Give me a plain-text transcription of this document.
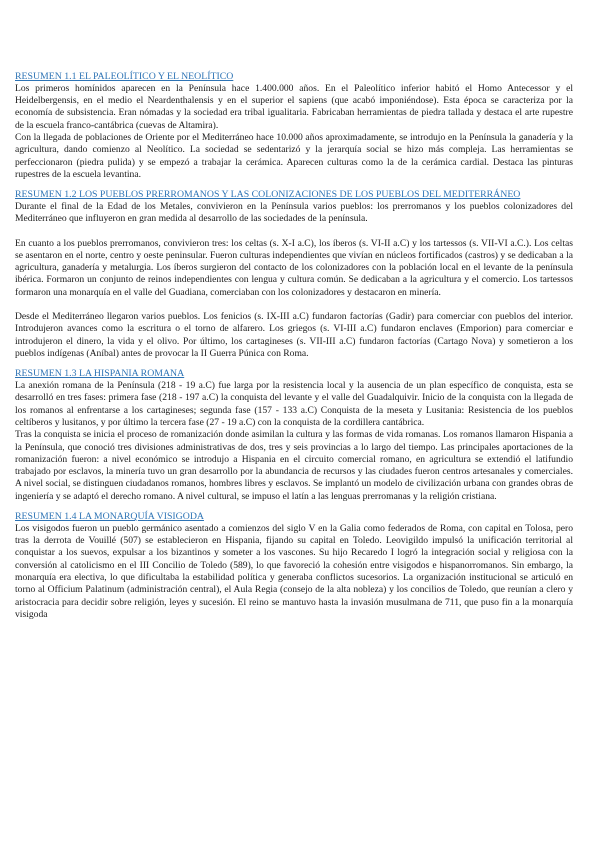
RESUMEN 1.1 EL PALEOLÍTICO Y EL NEOLÍTICO

Los primeros homínidos aparecen en la Península hace 1.400.000 años. En el Paleolítico inferior habitó el Homo Antecessor y el Heidelbergensis, en el medio el Neardenthalensis y en el superior el sapiens (que acabó imponiéndose). Esta época se caracteriza por la economía de subsistencia. Eran nómadas y la sociedad era tribal igualitaria. Fabricaban herramientas de piedra tallada y destaca el arte rupestre de la escuela franco-cantábrica (cuevas de Altamira).

Con la llegada de poblaciones de Oriente por el Mediterráneo hace 10.000 años aproximadamente, se introdujo en la Península la ganadería y la agricultura, dando comienzo al Neolítico. La sociedad se sedentarizó y la jerarquía social se hizo más compleja. Las herramientas se perfeccionaron (piedra pulida) y se empezó a trabajar la cerámica. Aparecen culturas como la de la cerámica cardial. Destaca las pinturas rupestres de la escuela levantina.

RESUMEN 1.2 LOS PUEBLOS PRERROMANOS Y LAS COLONIZACIONES DE LOS PUEBLOS DEL MEDITERRÁNEO

Durante el final de la Edad de los Metales, convivieron en la Península varios pueblos: los prerromanos y los pueblos colonizadores del Mediterráneo que influyeron en gran medida al desarrollo de las sociedades de la península.

En cuanto a los pueblos prerromanos, convivieron tres: los celtas (s. X-I a.C), los íberos (s. VI-II a.C) y los tartessos (s. VII-VI a.C.). Los celtas se asentaron en el norte, centro y oeste peninsular. Fueron culturas independientes que vivían en núcleos fortificados (castros) y se dedicaban a la agricultura, ganadería y metalurgia. Los íberos surgieron del contacto de los colonizadores con la población local en el levante de la península ibérica. Formaron un conjunto de reinos independientes con lengua y cultura común. Se dedicaban a la agricultura y el comercio. Los tartessos formaron una monarquía en el valle del Guadiana, comerciaban con los colonizadores y destacaron en minería.

Desde el Mediterráneo llegaron varios pueblos. Los fenicios (s. IX-III a.C) fundaron factorías (Gadir) para comerciar con pueblos del interior. Introdujeron avances como la escritura o el torno de alfarero. Los griegos (s. VI-III a.C) fundaron enclaves (Emporion) para comerciar e introdujeron el dinero, la vida y el olivo. Por último, los cartagineses (s. VII-III a.C) fundaron factorías (Cartago Nova) y sometieron a los pueblos indígenas (Aníbal) antes de provocar la II Guerra Púnica con Roma.

RESUMEN 1.3 LA HISPANIA ROMANA

La anexión romana de la Península (218 - 19 a.C) fue larga por la resistencia local y la ausencia de un plan específico de conquista, esta se desarrolló en tres fases: primera fase (218 - 197 a.C) la conquista del levante y el valle del Guadalquivir. Inicio de la conquista con la llegada de los romanos al enfrentarse a los cartagineses; segunda fase (157 - 133 a.C) Conquista de la meseta y Lusitania: Resistencia de los pueblos celtíberos y lusitanos, y por último la tercera fase (27 - 19 a.C) con la conquista de la cordillera cantábrica.

Tras la conquista se inicia el proceso de romanización donde asimilan la cultura y las formas de vida romanas. Los romanos llamaron Hispania a la Península, que conoció tres divisiones administrativas de dos, tres y seis provincias a lo largo del tiempo. Las principales aportaciones de la romanización fueron: a nivel económico se introdujo a Hispania en el circuito comercial romano, en agricultura se extendió el latifundio trabajado por esclavos, la minería tuvo un gran desarrollo por la abundancia de recursos y las ciudades fueron centros artesanales y comerciales. A nivel social, se distinguen ciudadanos romanos, hombres libres y esclavos. Se implantó un modelo de civilización urbana con grandes obras de ingeniería y se adaptó el derecho romano. A nivel cultural, se impuso el latín a las lenguas prerromanas y la religión cristiana.

RESUMEN 1.4 LA MONARQUÍA VISIGODA

Los visigodos fueron un pueblo germánico asentado a comienzos del siglo V en la Galia como federados de Roma, con capital en Tolosa, pero tras la derrota de Vouillé (507) se establecieron en Hispania, fijando su capital en Toledo. Leovigildo impulsó la unificación territorial al conquistar a los suevos, expulsar a los bizantinos y someter a los vascones. Su hijo Recaredo I logró la integración social y religiosa con la conversión al catolicismo en el III Concilio de Toledo (589), lo que favoreció la cohesión entre visigodos e hispanorromanos. Sin embargo, la monarquía era electiva, lo que dificultaba la estabilidad política y generaba conflictos sucesorios. La organización institucional se articuló en torno al Officium Palatinum (administración central), el Aula Regia (consejo de la alta nobleza) y los concilios de Toledo, que reunían a clero y aristocracia para decidir sobre religión, leyes y sucesión. El reino se mantuvo hasta la invasión musulmana de 711, que puso fin a la monarquía visigoda
